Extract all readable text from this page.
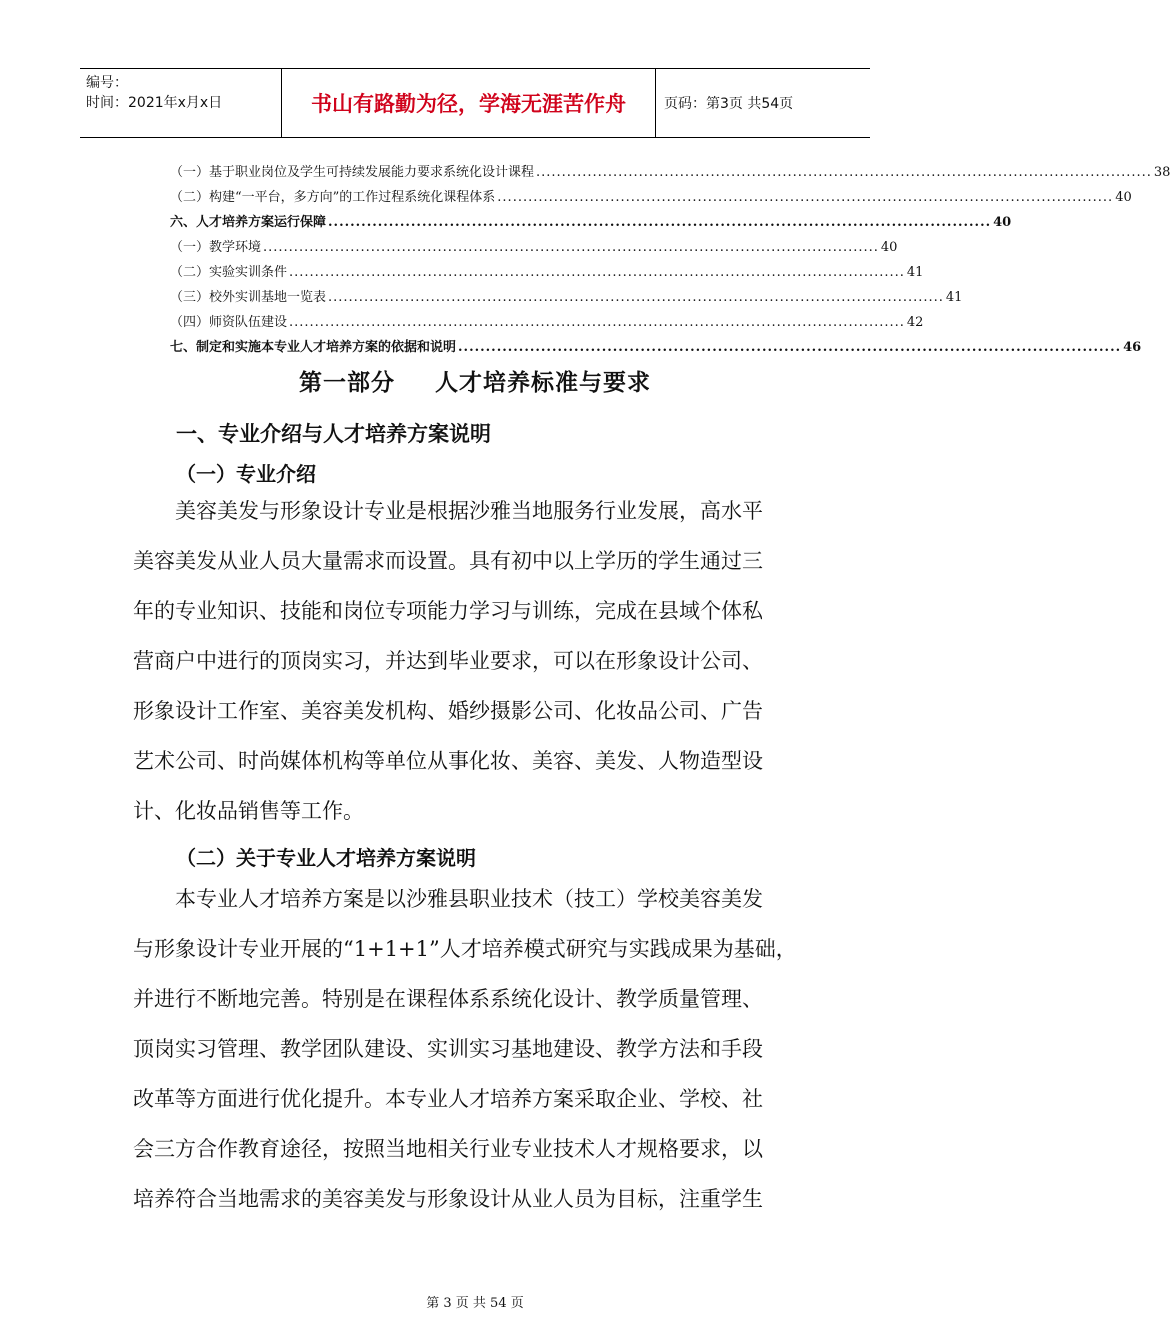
编号：
时间：2021年x月x日	书山有路勤为径，学海无涯苦作舟	页码：第3页 共54页
（一）基于职业岗位及学生可持续发展能力要求系统化设计课程 ........................................................................................................................ 38
（二）构建“一平台，多方向”的工作过程系统化课程体系 ........................................................................................................................ 40
六、人才培养方案运行保障 ........................................................................................................................ 40
（一）教学环境 ........................................................................................................................ 40
（二）实验实训条件 ........................................................................................................................ 41
（三）校外实训基地一览表 ........................................................................................................................ 41
（四）师资队伍建设 ........................................................................................................................ 42
七、制定和实施本专业人才培养方案的依据和说明 ........................................................................................................................ 46
第一部分 人才培养标准与要求
一、专业介绍与人才培养方案说明
（一）专业介绍
　　美容美发与形象设计专业是根据沙雅当地服务行业发展，高水平
美容美发从业人员大量需求而设置。具有初中以上学历的学生通过三
年的专业知识、技能和岗位专项能力学习与训练，完成在县域个体私
营商户中进行的顶岗实习，并达到毕业要求，可以在形象设计公司、
形象设计工作室、美容美发机构、婚纱摄影公司、化妆品公司、广告
艺术公司、时尚媒体机构等单位从事化妆、美容、美发、人物造型设
计、化妆品销售等工作。
（二）关于专业人才培养方案说明
　　本专业人才培养方案是以沙雅县职业技术（技工）学校美容美发
与形象设计专业开展的“1+1+1”人才培养模式研究与实践成果为基础，
并进行不断地完善。特别是在课程体系系统化设计、教学质量管理、
顶岗实习管理、教学团队建设、实训实习基地建设、教学方法和手段
改革等方面进行优化提升。本专业人才培养方案采取企业、学校、社
会三方合作教育途径，按照当地相关行业专业技术人才规格要求，以
培养符合当地需求的美容美发与形象设计从业人员为目标，注重学生
第 3 页 共 54 页
